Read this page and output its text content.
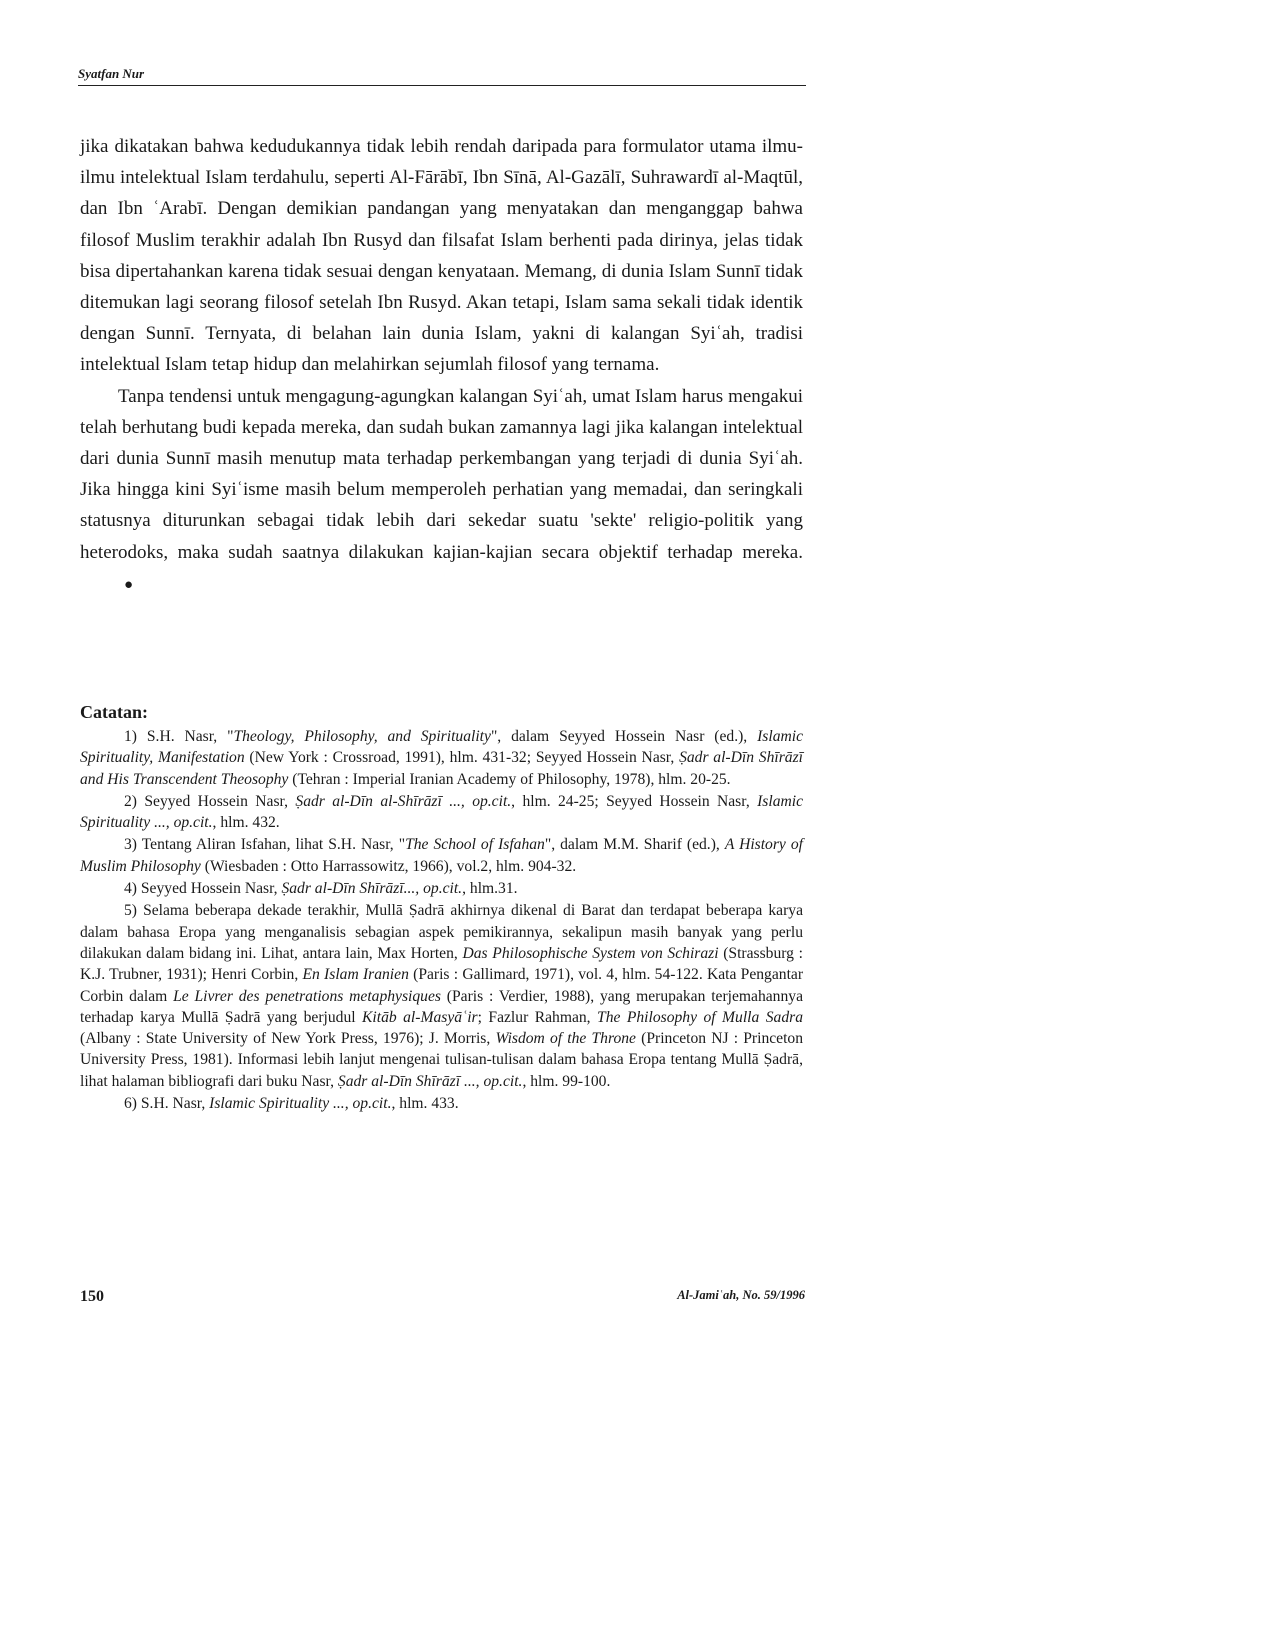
Syatfan Nur

jika dikatakan bahwa kedudukannya tidak lebih rendah daripada para formulator utama ilmu-ilmu intelektual Islam terdahulu, seperti Al-Fārābī, Ibn Sīnā, Al-Gazālī, Suhrawardī al-Maqtūl, dan Ibn ʿArabī. Dengan demikian pandangan yang menyatakan dan menganggap bahwa filosof Muslim terakhir adalah Ibn Rusyd dan filsafat Islam berhenti pada dirinya, jelas tidak bisa dipertahankan karena tidak sesuai dengan kenyataan. Memang, di dunia Islam Sunnī tidak ditemukan lagi seorang filosof setelah Ibn Rusyd. Akan tetapi, Islam sama sekali tidak identik dengan Sunnī. Ternyata, di belahan lain dunia Islam, yakni di kalangan Syiʿah, tradisi intelektual Islam tetap hidup dan melahirkan sejumlah filosof yang ternama.

Tanpa tendensi untuk mengagung-agungkan kalangan Syiʿah, umat Islam harus mengakui telah berhutang budi kepada mereka, dan sudah bukan zamannya lagi jika kalangan intelektual dari dunia Sunnī masih menutup mata terhadap perkembangan yang terjadi di dunia Syiʿah. Jika hingga kini Syiʿisme masih belum memperoleh perhatian yang memadai, dan seringkali statusnya diturunkan sebagai tidak lebih dari sekedar suatu 'sekte' religio-politik yang heterodoks, maka sudah saatnya dilakukan kajian-kajian secara objektif terhadap mereka.●

Catatan:

1) S.H. Nasr, "Theology, Philosophy, and Spirituality", dalam Seyyed Hossein Nasr (ed.), Islamic Spirituality, Manifestation (New York : Crossroad, 1991), hlm. 431-32; Seyyed Hossein Nasr, Ṣadr al-Dīn Shīrāzī and His Transcendent Theosophy (Tehran : Imperial Iranian Academy of Philosophy, 1978), hlm. 20-25.

2) Seyyed Hossein Nasr, Ṣadr al-Dīn al-Shīrāzī ..., op.cit., hlm. 24-25; Seyyed Hossein Nasr, Islamic Spirituality ..., op.cit., hlm. 432.

3) Tentang Aliran Isfahan, lihat S.H. Nasr, "The School of Isfahan", dalam M.M. Sharif (ed.), A History of Muslim Philosophy (Wiesbaden : Otto Harrassowitz, 1966), vol.2, hlm. 904-32.

4) Seyyed Hossein Nasr, Ṣadr al-Dīn Shīrāzī..., op.cit., hlm.31.

5) Selama beberapa dekade terakhir, Mullā Ṣadrā akhirnya dikenal di Barat dan terdapat beberapa karya dalam bahasa Eropa yang menganalisis sebagian aspek pemikirannya, sekalipun masih banyak yang perlu dilakukan dalam bidang ini. Lihat, antara lain, Max Horten, Das Philosophische System von Schirazi (Strassburg : K.J. Trubner, 1931); Henri Corbin, En Islam Iranien (Paris : Gallimard, 1971), vol. 4, hlm. 54-122. Kata Pengantar Corbin dalam Le Livrer des penetrations metaphysiques (Paris : Verdier, 1988), yang merupakan terjemahannya terhadap karya Mullā Ṣadrā yang berjudul Kitāb al-Masyāʿir; Fazlur Rahman, The Philosophy of Mulla Sadra (Albany : State University of New York Press, 1976); J. Morris, Wisdom of the Throne (Princeton NJ : Princeton University Press, 1981). Informasi lebih lanjut mengenai tulisan-tulisan dalam bahasa Eropa tentang Mullā Ṣadrā, lihat halaman bibliografi dari buku Nasr, Ṣadr al-Dīn Shīrāzī ..., op.cit., hlm. 99-100.

6) S.H. Nasr, Islamic Spirituality ..., op.cit., hlm. 433.

150	Al-Jamiʿah, No. 59/1996
